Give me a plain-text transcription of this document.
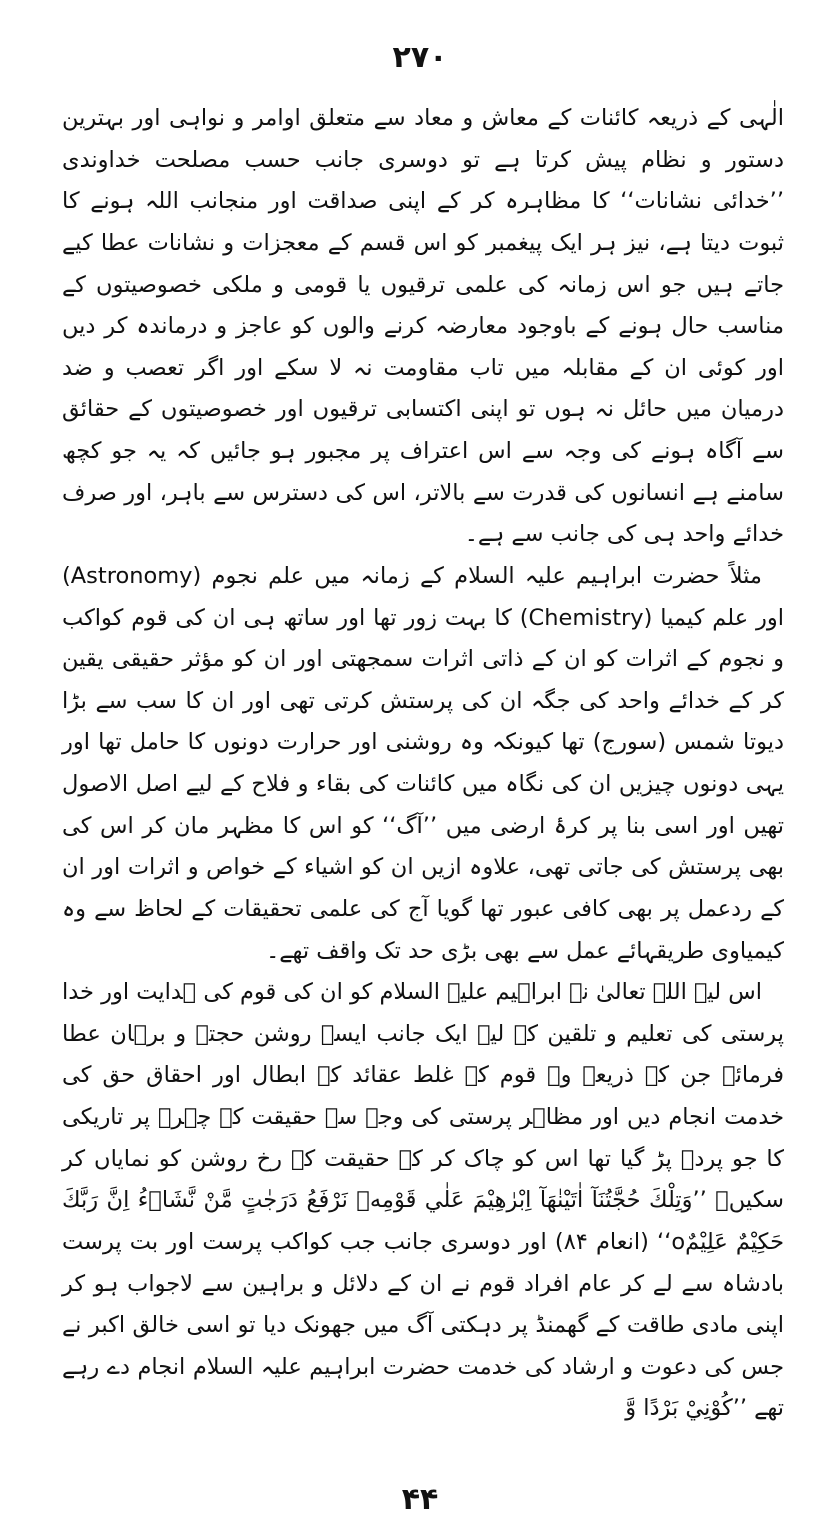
۲۷۰

الٰہی کے ذریعہ کائنات کے معاش و معاد سے متعلق اوامر و نواہی اور بہترین دستور و نظام پیش کرتا ہے تو دوسری جانب حسب مصلحت خداوندی ’’خدائی نشانات‘‘ کا مظاہرہ کر کے اپنی صداقت اور منجانب اللہ ہونے کا ثبوت دیتا ہے، نیز ہر ایک پیغمبر کو اس قسم کے معجزات و نشانات عطا کیے جاتے ہیں جو اس زمانہ کی علمی ترقیوں یا قومی و ملکی خصوصیتوں کے مناسب حال ہونے کے باوجود معارضہ کرنے والوں کو عاجز و درماندہ کر دیں اور کوئی ان کے مقابلہ میں تاب مقاومت نہ لا سکے اور اگر تعصب و ضد درمیان میں حائل نہ ہوں تو اپنی اکتسابی ترقیوں اور خصوصیتوں کے حقائق سے آگاہ ہونے کی وجہ سے اس اعتراف پر مجبور ہو جائیں کہ یہ جو کچھ سامنے ہے انسانوں کی قدرت سے بالاتر، اس کی دسترس سے باہر، اور صرف خدائے واحد ہی کی جانب سے ہے۔

مثلاً حضرت ابراہیم علیہ السلام کے زمانہ میں علم نجوم (Astronomy) اور علم کیمیا (Chemistry) کا بہت زور تھا اور ساتھ ہی ان کی قوم کواکب و نجوم کے اثرات کو ان کے ذاتی اثرات سمجھتی اور ان کو مؤثر حقیقی یقین کر کے خدائے واحد کی جگہ ان کی پرستش کرتی تھی اور ان کا سب سے بڑا دیوتا شمس (سورج) تھا کیونکہ وہ روشنی اور حرارت دونوں کا حامل تھا اور یہی دونوں چیزیں ان کی نگاہ میں کائنات کی بقاء و فلاح کے لیے اصل الاصول تھیں اور اسی بنا پر کرۂ ارضی میں ’’آگ‘‘ کو اس کا مظہر مان کر اس کی بھی پرستش کی جاتی تھی، علاوہ ازیں ان کو اشیاء کے خواص و اثرات اور ان کے ردعمل پر بھی کافی عبور تھا گویا آج کی علمی تحقیقات کے لحاظ سے وہ کیمیاوی طریقہائے عمل سے بھی بڑی حد تک واقف تھے۔

اس لیے اللہ تعالیٰ نے ابراہیم علیہ السلام کو ان کی قوم کی ہدایت اور خدا پرستی کی تعلیم و تلقین کے لیے ایک جانب ایسے روشن حجتہ و برہان عطا فرمائے جن کے ذریعہ وہ قوم کے غلط عقائد کے ابطال اور احقاق حق کی خدمت انجام دیں اور مظاہر پرستی کی وجہ سے حقیقت کے چہرہ پر تاریکی کا جو پردہ پڑ گیا تھا اس کو چاک کر کے حقیقت کے رخ روشن کو نمایاں کر سکیں۔ ’’وَتِلْكَ حُجَّتُنَآ اٰتَيْنٰهَآ اِبْرٰهِيْمَ عَلٰي قَوْمِهٖ نَرْفَعُ دَرَجٰتٍ مَّنْ نَّشَاۗءُ اِنَّ رَبَّكَ حَكِيْمٌ عَلِيْمٌo‘‘ (انعام ۸۴) اور دوسری جانب جب کواکب پرست اور بت پرست بادشاہ سے لے کر عام افراد قوم نے ان کے دلائل و براہین سے لاجواب ہو کر اپنی مادی طاقت کے گھمنڈ پر دہکتی آگ میں جھونک دیا تو اسی خالق اکبر نے جس کی دعوت و ارشاد کی خدمت حضرت ابراہیم علیہ السلام انجام دے رہے تھے ’’کُوْنِيْ بَرْدًا وَّ

۴۴
